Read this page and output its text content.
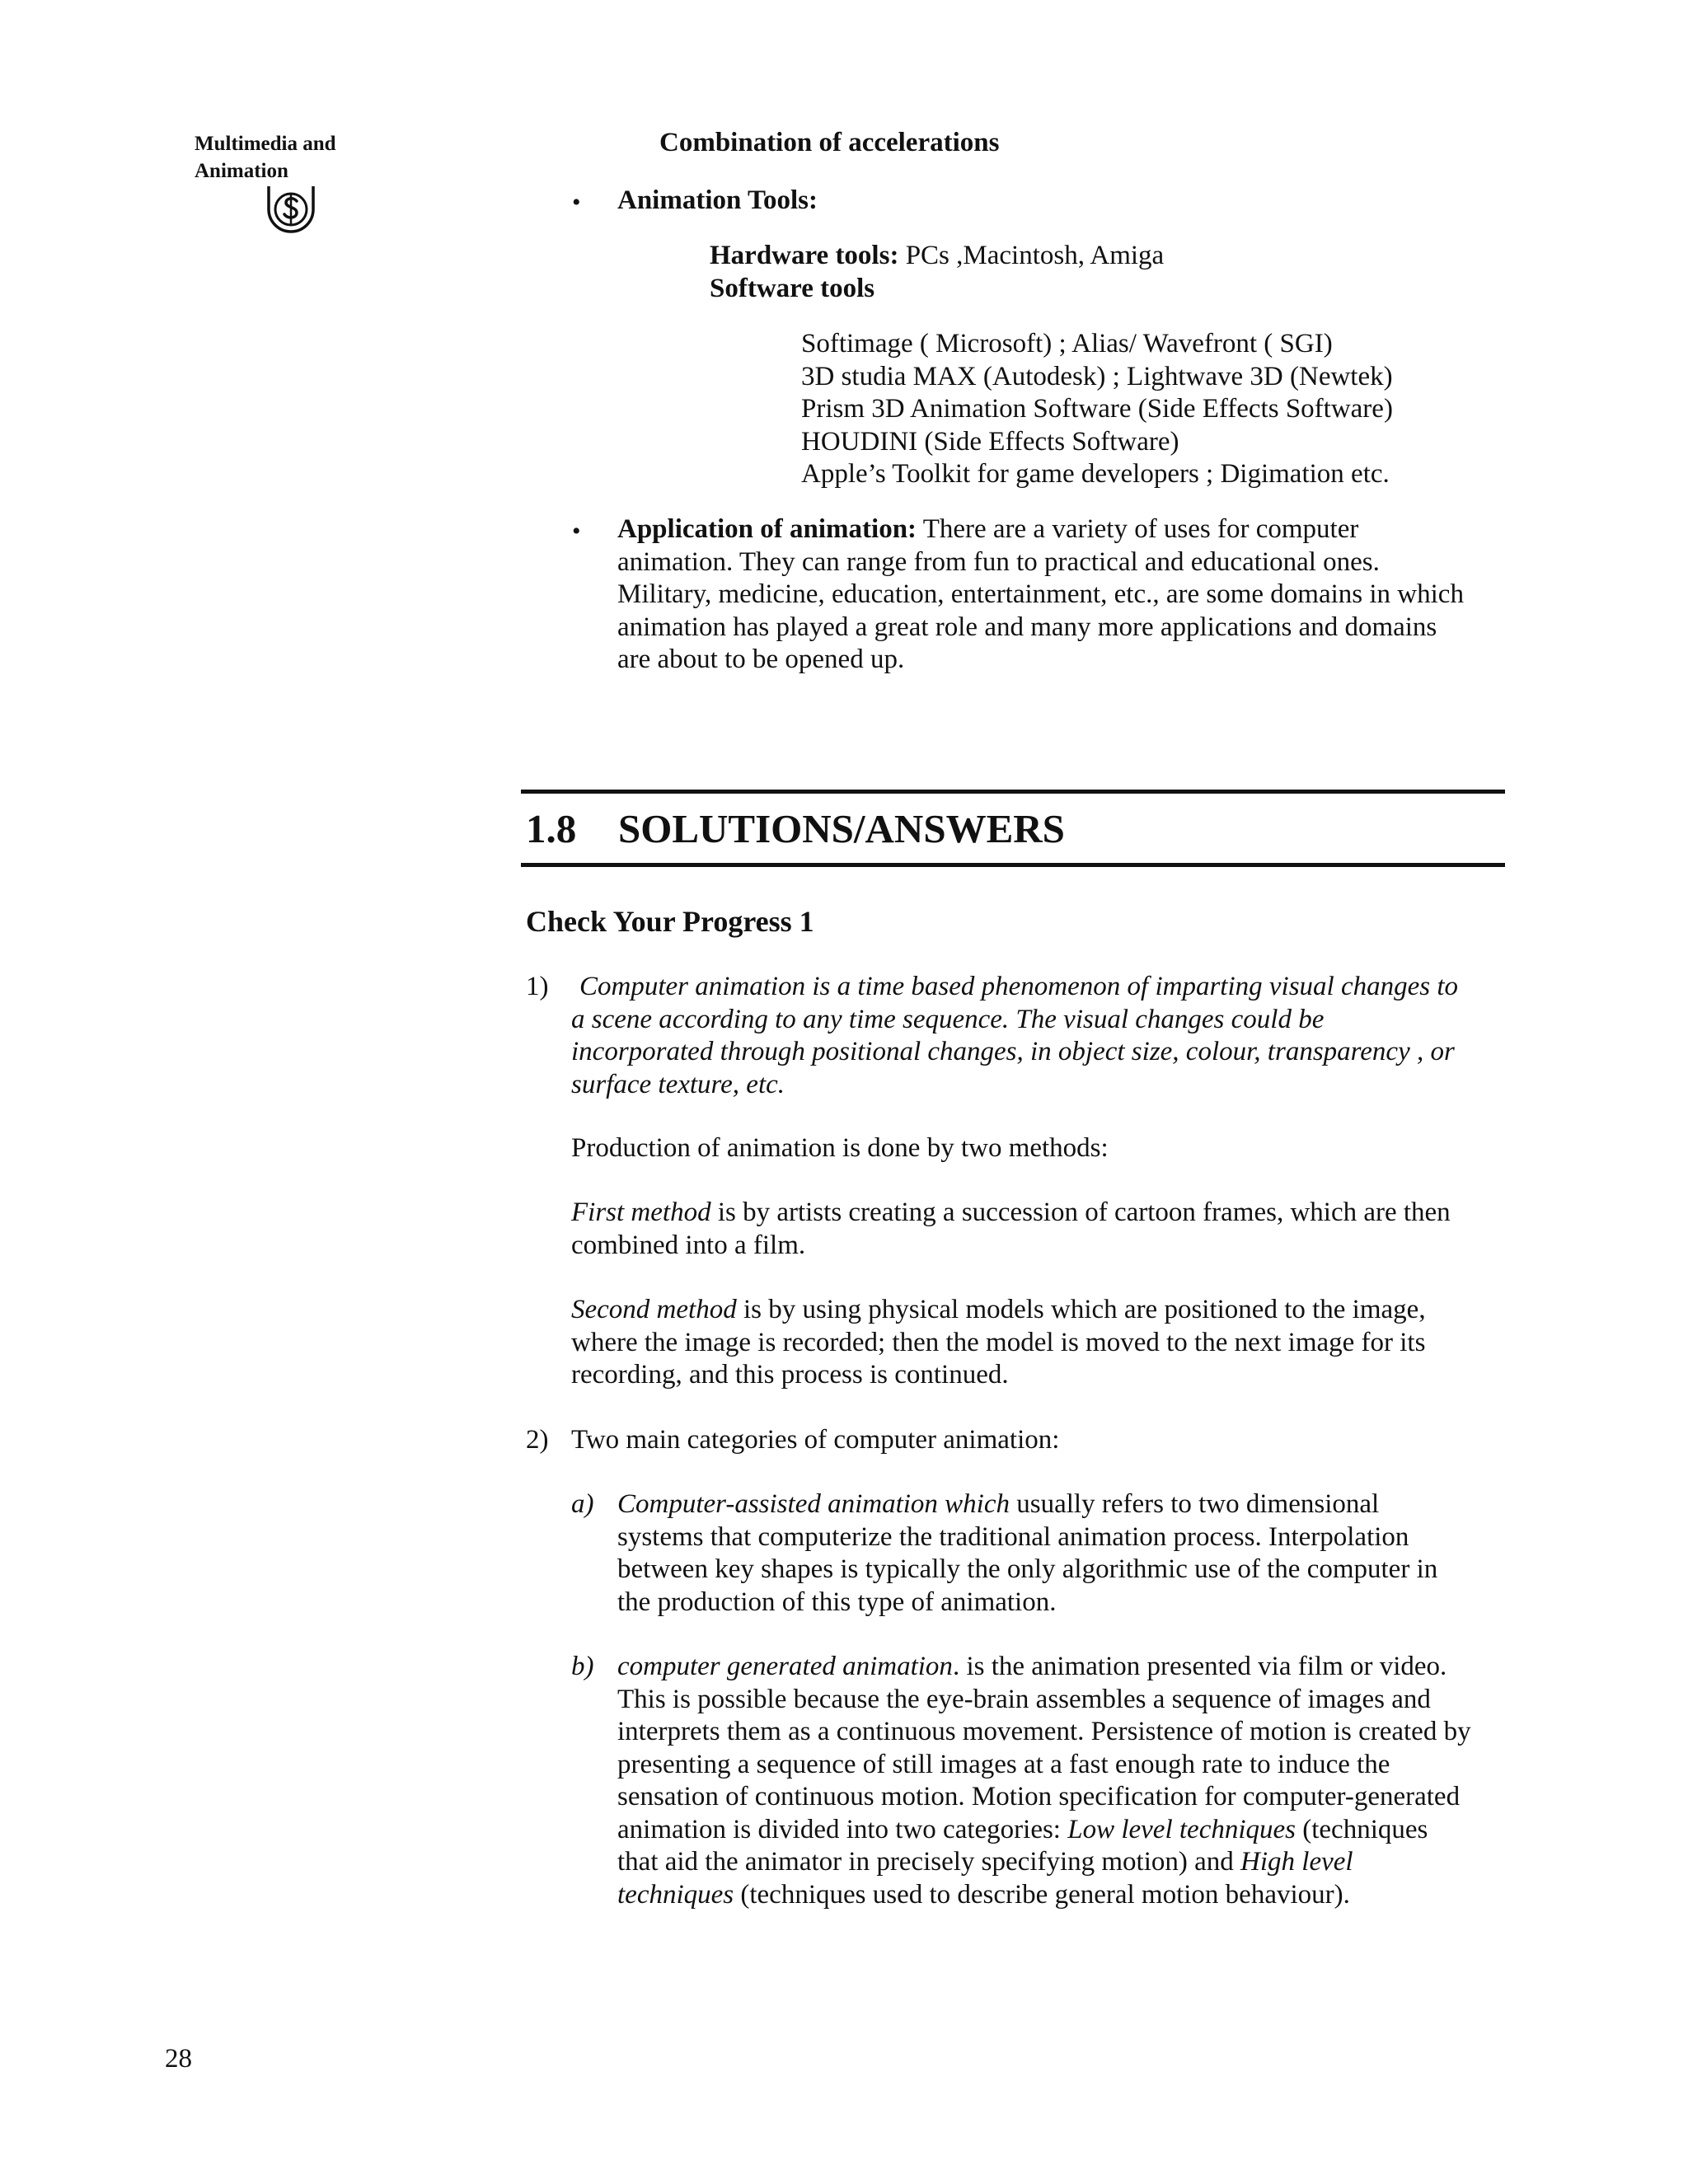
Multimedia and
Animation
Combination of accelerations
• Animation Tools:
Hardware tools: PCs ,Macintosh, Amiga
Software tools
Softimage ( Microsoft) ; Alias/ Wavefront ( SGI)
3D studia MAX (Autodesk) ; Lightwave 3D (Newtek)
Prism 3D Animation Software (Side Effects Software)
HOUDINI (Side Effects Software)
Apple’s Toolkit for game developers ; Digimation etc.
• Application of animation: There are a variety of uses for computer
animation. They can range from fun to practical and educational ones.
Military, medicine, education, entertainment, etc., are some domains in which
animation has played a great role and many more applications and domains
are about to be opened up.
1.8 SOLUTIONS/ANSWERS
Check Your Progress 1
1)	Computer animation is a time based phenomenon of imparting visual changes to
a scene according to any time sequence. The visual changes could be
incorporated through positional changes, in object size, colour, transparency , or
surface texture, etc.
Production of animation is done by two methods:
First method is by artists creating a succession of cartoon frames, which are then
combined into a film.
Second method is by using physical models which are positioned to the image,
where the image is recorded; then the model is moved to the next image for its
recording, and this process is continued.
2) Two main categories of computer animation:
a) Computer-assisted animation which usually refers to two dimensional
systems that computerize the traditional animation process. Interpolation
between key shapes is typically the only algorithmic use of the computer in
the production of this type of animation.
b) computer generated animation. is the animation presented via film or video.
This is possible because the eye-brain assembles a sequence of images and
interprets them as a continuous movement. Persistence of motion is created by
presenting a sequence of still images at a fast enough rate to induce the
sensation of continuous motion. Motion specification for computer-generated
animation is divided into two categories: Low level techniques (techniques
that aid the animator in precisely specifying motion) and High level
techniques (techniques used to describe general motion behaviour).
28
